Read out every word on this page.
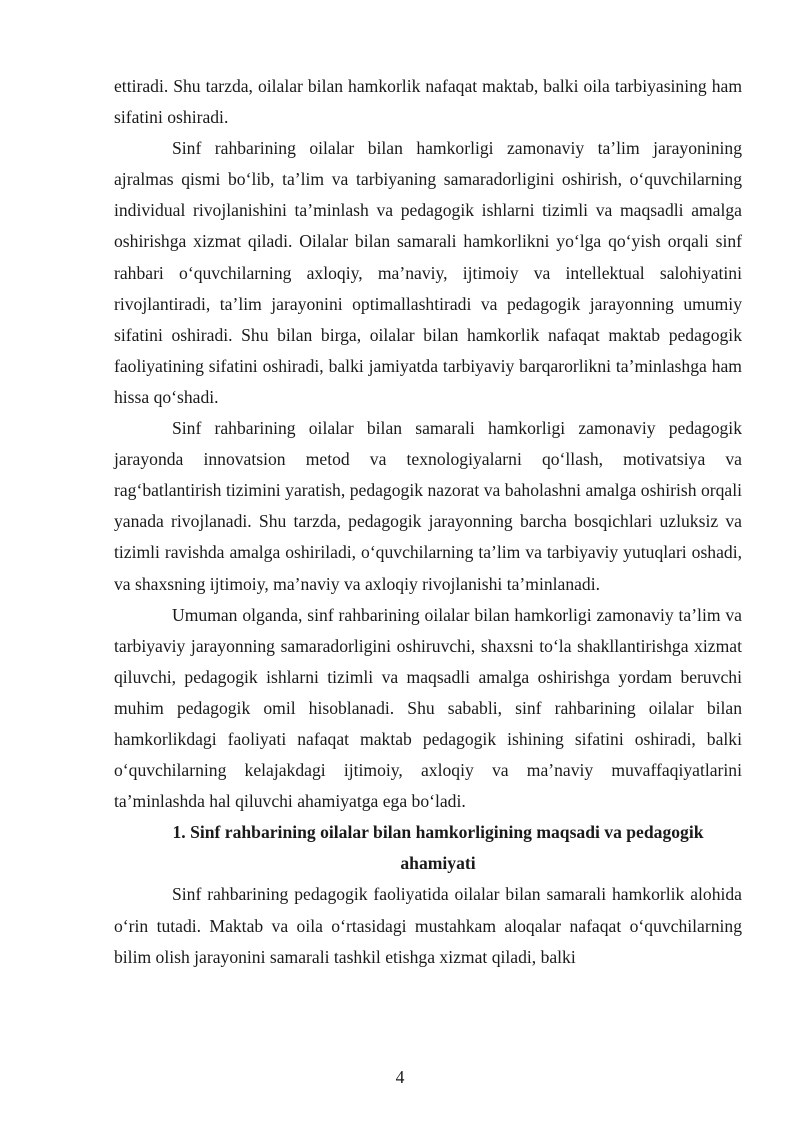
ettiradi. Shu tarzda, oilalar bilan hamkorlik nafaqat maktab, balki oila tarbiyasining ham sifatini oshiradi.

Sinf rahbarining oilalar bilan hamkorligi zamonaviy ta’lim jarayonining ajralmas qismi bo‘lib, ta’lim va tarbiyaning samaradorligini oshirish, o‘quvchilarning individual rivojlanishini ta’minlash va pedagogik ishlarni tizimli va maqsadli amalga oshirishga xizmat qiladi. Oilalar bilan samarali hamkorlikni yo‘lga qo‘yish orqali sinf rahbari o‘quvchilarning axloqiy, ma’naviy, ijtimoiy va intellektual salohiyatini rivojlantiradi, ta’lim jarayonini optimallashtiradi va pedagogik jarayonning umumiy sifatini oshiradi. Shu bilan birga, oilalar bilan hamkorlik nafaqat maktab pedagogik faoliyatining sifatini oshiradi, balki jamiyatda tarbiyaviy barqarorlikni ta’minlashga ham hissa qo‘shadi.

Sinf rahbarining oilalar bilan samarali hamkorligi zamonaviy pedagogik jarayonda innovatsion metod va texnologiyalarni qo‘llash, motivatsiya va rag‘batlantirish tizimini yaratish, pedagogik nazorat va baholashni amalga oshirish orqali yanada rivojlanadi. Shu tarzda, pedagogik jarayonning barcha bosqichlari uzluksiz va tizimli ravishda amalga oshiriladi, o‘quvchilarning ta’lim va tarbiyaviy yutuqlari oshadi, va shaxsning ijtimoiy, ma’naviy va axloqiy rivojlanishi ta’minlanadi.

Umuman olganda, sinf rahbarining oilalar bilan hamkorligi zamonaviy ta’lim va tarbiyaviy jarayonning samaradorligini oshiruvchi, shaxsni to‘la shakllantirishga xizmat qiluvchi, pedagogik ishlarni tizimli va maqsadli amalga oshirishga yordam beruvchi muhim pedagogik omil hisoblanadi. Shu sababli, sinf rahbarining oilalar bilan hamkorlikdagi faoliyati nafaqat maktab pedagogik ishining sifatini oshiradi, balki o‘quvchilarning kelajakdagi ijtimoiy, axloqiy va ma’naviy muvaffaqiyatlarini ta’minlashda hal qiluvchi ahamiyatga ega bo‘ladi.

1. Sinf rahbarining oilalar bilan hamkorligining maqsadi va pedagogik ahamiyati

Sinf rahbarining pedagogik faoliyatida oilalar bilan samarali hamkorlik alohida o‘rin tutadi. Maktab va oila o‘rtasidagi mustahkam aloqalar nafaqat o‘quvchilarning bilim olish jarayonini samarali tashkil etishga xizmat qiladi, balki

4
